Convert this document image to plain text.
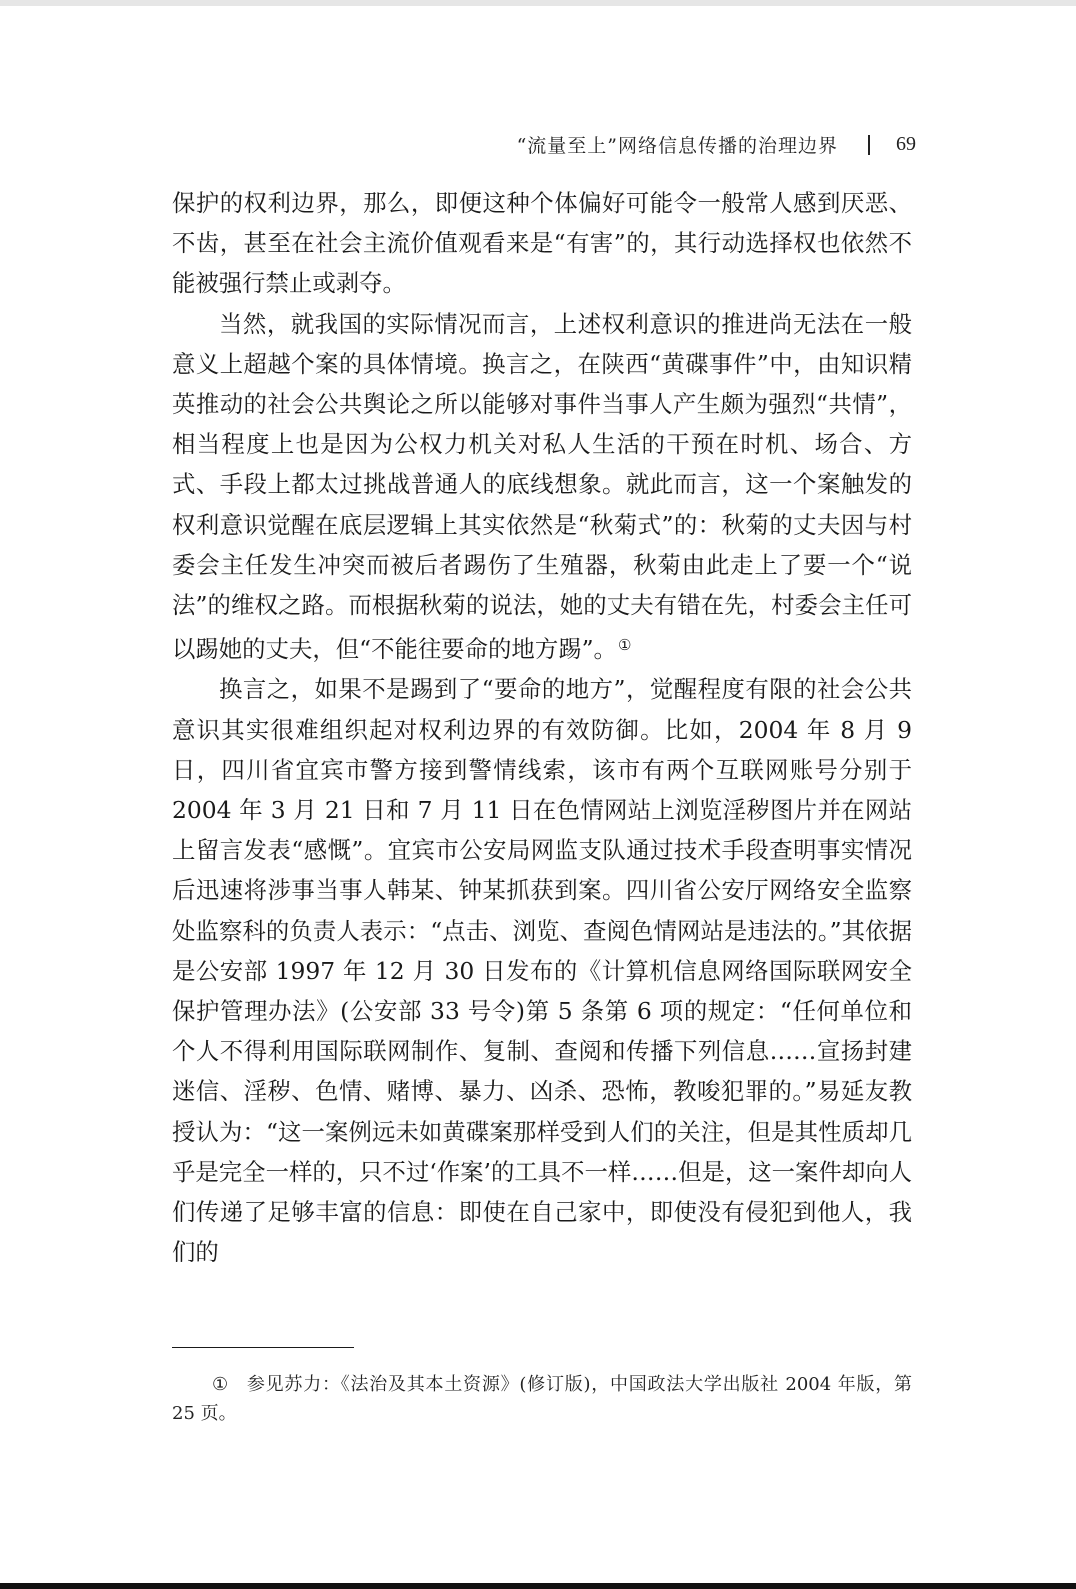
“流量至上”网络信息传播的治理边界	69

保护的权利边界，那么，即便这种个体偏好可能令一般常人感到厌恶、不齿，甚至在社会主流价值观看来是“有害”的，其行动选择权也依然不能被强行禁止或剥夺。

当然，就我国的实际情况而言，上述权利意识的推进尚无法在一般意义上超越个案的具体情境。换言之，在陕西“黄碟事件”中，由知识精英推动的社会公共舆论之所以能够对事件当事人产生颇为强烈“共情”，相当程度上也是因为公权力机关对私人生活的干预在时机、场合、方式、手段上都太过挑战普通人的底线想象。就此而言，这一个案触发的权利意识觉醒在底层逻辑上其实依然是“秋菊式”的：秋菊的丈夫因与村委会主任发生冲突而被后者踢伤了生殖器，秋菊由此走上了要一个“说法”的维权之路。而根据秋菊的说法，她的丈夫有错在先，村委会主任可以踢她的丈夫，但“不能往要命的地方踢”。①

换言之，如果不是踢到了“要命的地方”，觉醒程度有限的社会公共意识其实很难组织起对权利边界的有效防御。比如，2004 年 8 月 9 日，四川省宜宾市警方接到警情线索，该市有两个互联网账号分别于 2004 年 3 月 21 日和 7 月 11 日在色情网站上浏览淫秽图片并在网站上留言发表“感慨”。宜宾市公安局网监支队通过技术手段查明事实情况后迅速将涉事当事人韩某、钟某抓获到案。四川省公安厅网络安全监察处监察科的负责人表示：“点击、浏览、查阅色情网站是违法的。”其依据是公安部 1997 年 12 月 30 日发布的《计算机信息网络国际联网安全保护管理办法》(公安部 33 号令)第 5 条第 6 项的规定：“任何单位和个人不得利用国际联网制作、复制、查阅和传播下列信息……宣扬封建迷信、淫秽、色情、赌博、暴力、凶杀、恐怖，教唆犯罪的。”易延友教授认为：“这一案例远未如黄碟案那样受到人们的关注，但是其性质却几乎是完全一样的，只不过‘作案’的工具不一样……但是，这一案件却向人们传递了足够丰富的信息：即使在自己家中，即使没有侵犯到他人，我们的

① 参见苏力：《法治及其本土资源》(修订版)，中国政法大学出版社 2004 年版，第 25 页。
